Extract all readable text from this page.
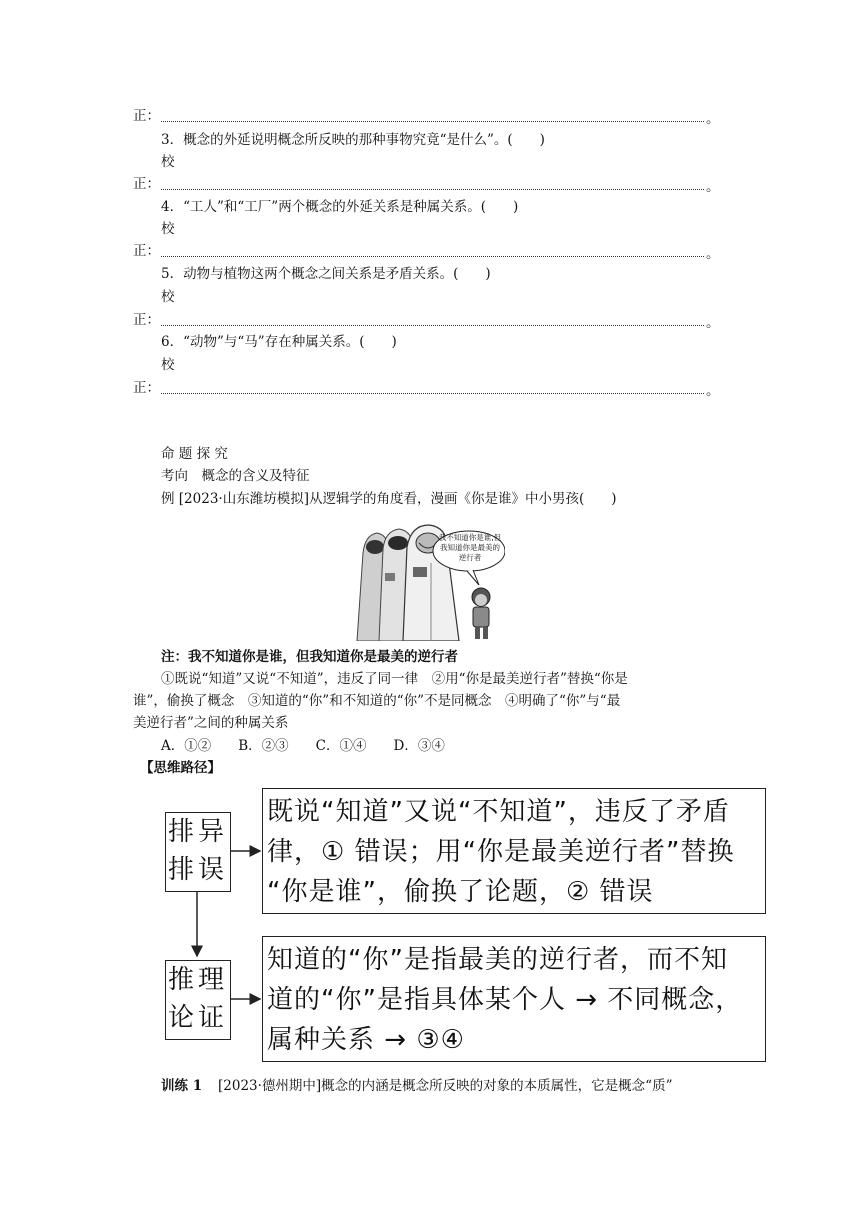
正：	。
3．概念的外延说明概念所反映的那种事物究竟“是什么”。(　　)
校
正：	。
4．“工人”和“工厂”两个概念的外延关系是种属关系。(　　)
校
正：	。
5．动物与植物这两个概念之间关系是矛盾关系。(　　)
校
正：	。
6．“动物”与“马”存在种属关系。(　　)
校
正：	。
命 题 探 究
考向　概念的含义及特征
例 [2023·山东潍坊模拟]从逻辑学的角度看，漫画《你是谁》中小男孩(　　)
我不知道你是谁,但我知道你是最美的逆行者
注：我不知道你是谁，但我知道你是最美的逆行者
①既说“知道”又说“不知道”，违反了同一律　②用“你是最美逆行者”替换“你是
谁”，偷换了概念　③知道的“你”和不知道的“你”不是同概念　④明确了“你”与“最
美逆行者”之间的种属关系
A．①②　　B．②③　　C．①④　　D．③④
【思维路径】
排异
排误
既说“知道”又说“不知道”，违反了矛盾
律，① 错误；用“你是最美逆行者”替换
“你是谁”，偷换了论题，② 错误
推理
论证
知道的“你”是指最美的逆行者，而不知
道的“你”是指具体某个人 → 不同概念，
属种关系 → ③④
训练 1 [2023·德州期中]概念的内涵是概念所反映的对象的本质属性，它是概念“质”
